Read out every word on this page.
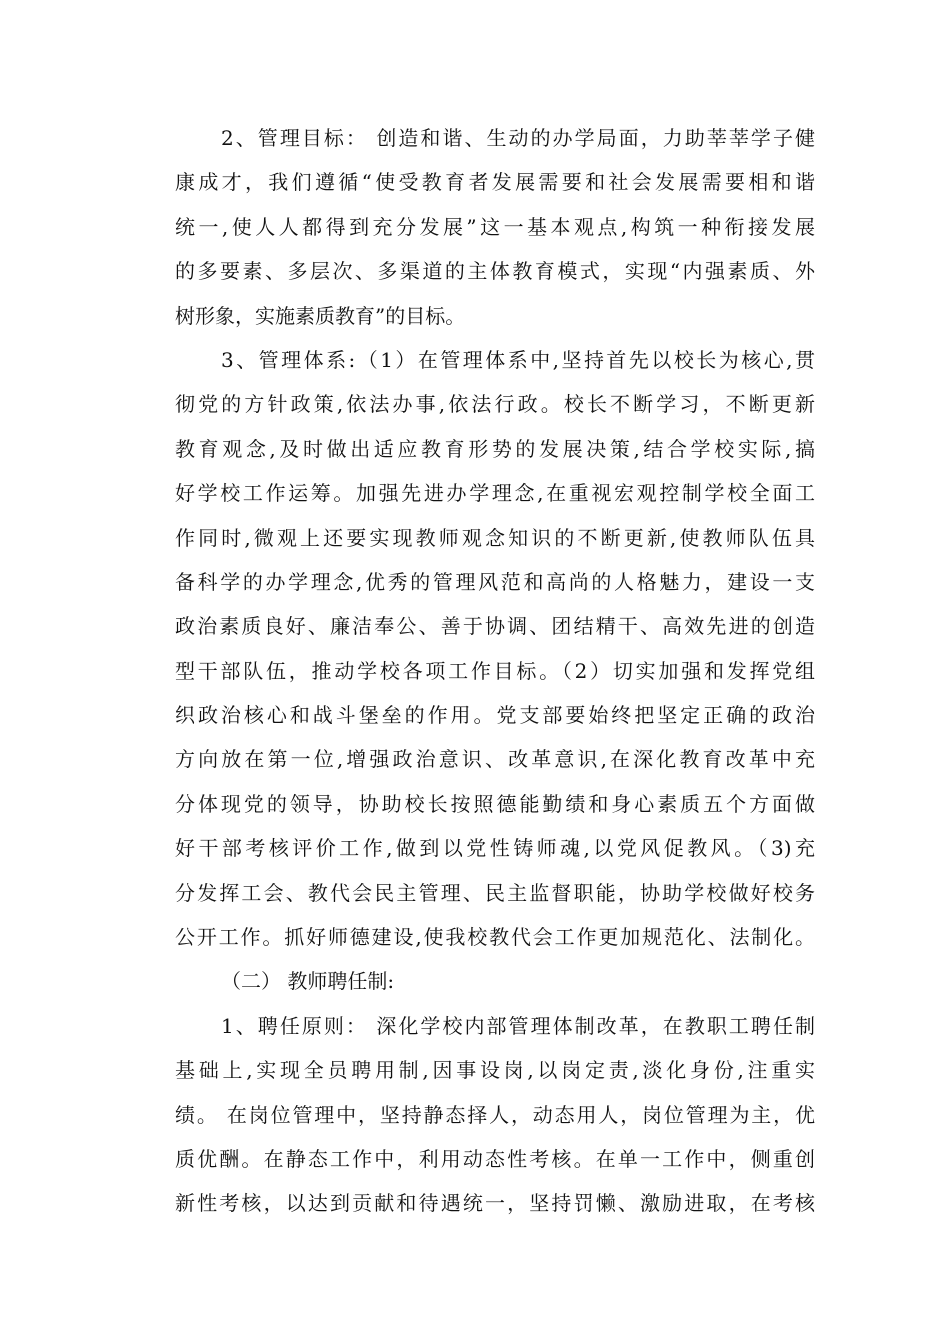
2、管理目标： 创造和谐、生动的办学局面，力助莘莘学子健
康成才，我们遵循“使受教育者发展需要和社会发展需要相和谐
统一,使人人都得到充分发展”这一基本观点,构筑一种衔接发展
的多要素、多层次、多渠道的主体教育模式，实现“内强素质、外
树形象，实施素质教育”的目标。
3、管理体系:（1）在管理体系中,坚持首先以校长为核心,贯
彻党的方针政策,依法办事,依法行政。校长不断学习，不断更新
教育观念,及时做出适应教育形势的发展决策,结合学校实际,搞
好学校工作运筹。加强先进办学理念,在重视宏观控制学校全面工
作同时,微观上还要实现教师观念知识的不断更新,使教师队伍具
备科学的办学理念,优秀的管理风范和高尚的人格魅力，建设一支
政治素质良好、廉洁奉公、善于协调、团结精干、高效先进的创造
型干部队伍，推动学校各项工作目标。（2）切实加强和发挥党组
织政治核心和战斗堡垒的作用。党支部要始终把坚定正确的政治
方向放在第一位,增强政治意识、改革意识,在深化教育改革中充
分体现党的领导，协助校长按照德能勤绩和身心素质五个方面做
好干部考核评价工作,做到以党性铸师魂,以党风促教风。（3)充
分发挥工会、教代会民主管理、民主监督职能，协助学校做好校务
公开工作。抓好师德建设,使我校教代会工作更加规范化、法制化。
（二） 教师聘任制:
1、聘任原则： 深化学校内部管理体制改革，在教职工聘任制
基础上,实现全员聘用制,因事设岗,以岗定责,淡化身份,注重实
绩。 在岗位管理中，坚持静态择人，动态用人，岗位管理为主，优
质优酬。在静态工作中，利用动态性考核。在单一工作中，侧重创
新性考核，以达到贡献和待遇统一，坚持罚懒、激励进取，在考核
